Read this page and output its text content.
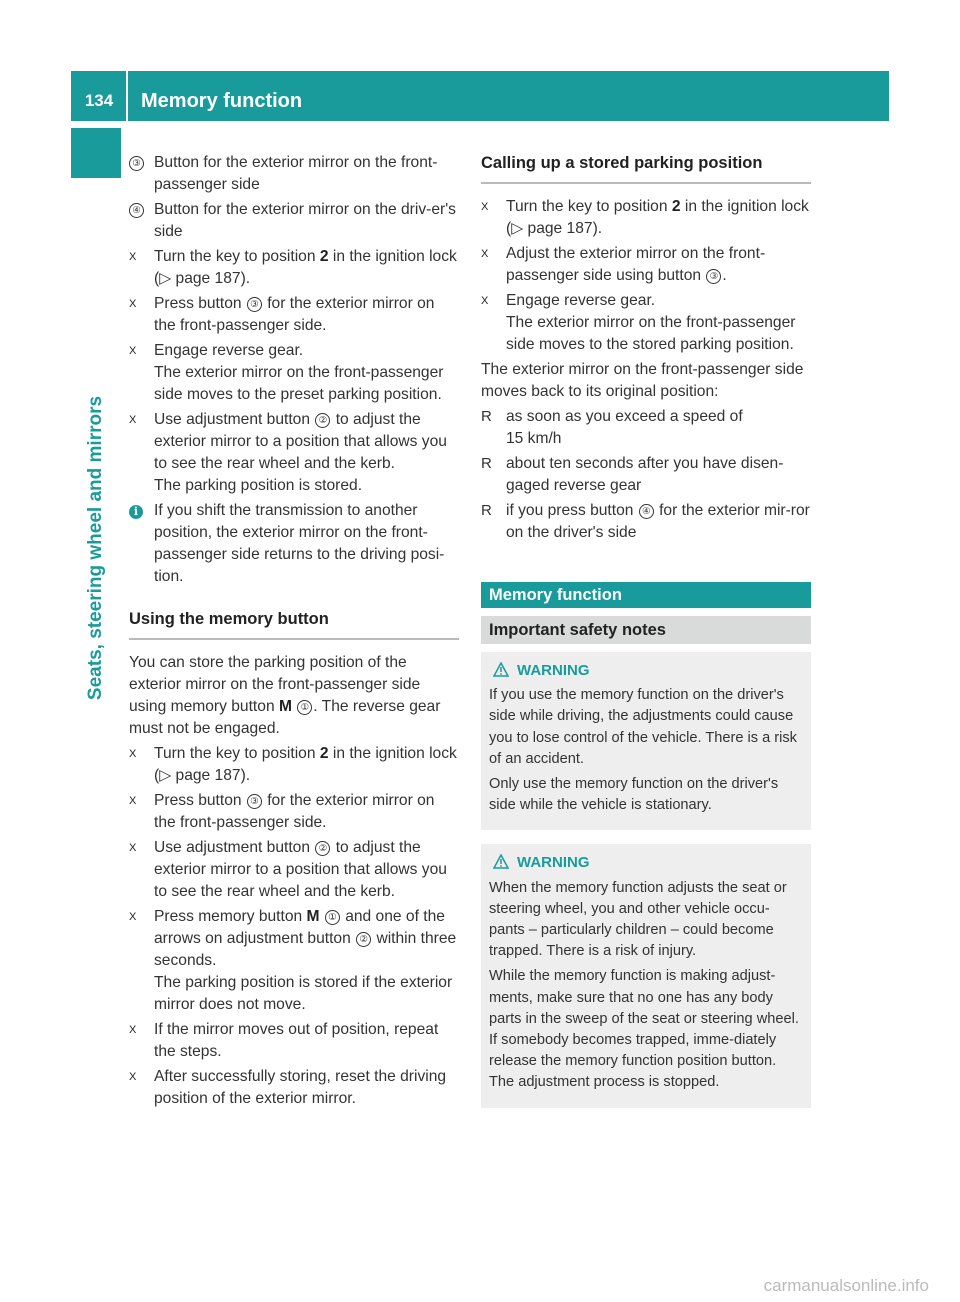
134	Memory function
Seats, steering wheel and mirrors
③ Button for the exterior mirror on the front-passenger side
④ Button for the exterior mirror on the driv-er's side
X	Turn the key to position 2 in the ignition lock (▷ page 187).
X	Press button ③ for the exterior mirror on the front-passenger side.
X	Engage reverse gear.
The exterior mirror on the front-passenger side moves to the preset parking position.
X	Use adjustment button ② to adjust the exterior mirror to a position that allows you to see the rear wheel and the kerb.
The parking position is stored.
i	If you shift the transmission to another position, the exterior mirror on the front-passenger side returns to the driving posi-tion.
Using the memory button
You can store the parking position of the exterior mirror on the front-passenger side using memory button M ① . The reverse gear must not be engaged.
X	Turn the key to position 2 in the ignition lock (▷ page 187).
X	Press button ③ for the exterior mirror on the front-passenger side.
X	Use adjustment button ② to adjust the exterior mirror to a position that allows you to see the rear wheel and the kerb.
X	Press memory button M ① and one of the arrows on adjustment button ② within three seconds.
The parking position is stored if the exterior mirror does not move.
X	If the mirror moves out of position, repeat the steps.
X	After successfully storing, reset the driving position of the exterior mirror.
Calling up a stored parking position
X	Turn the key to position 2 in the ignition lock (▷ page 187).
X	Adjust the exterior mirror on the front-passenger side using button ③ .
X	Engage reverse gear.
The exterior mirror on the front-passenger side moves to the stored parking position.
The exterior mirror on the front-passenger side moves back to its original position:
R as soon as you exceed a speed of
15 km/h
R about ten seconds after you have disen-gaged reverse gear
R if you press button ④ for the exterior mir-ror on the driver's side
Memory function
Important safety notes
WARNING
If you use the memory function on the driver's side while driving, the adjustments could cause you to lose control of the vehicle. There is a risk of an accident.
Only use the memory function on the driver's side while the vehicle is stationary.
WARNING
When the memory function adjusts the seat or steering wheel, you and other vehicle occu-pants – particularly children – could become trapped. There is a risk of injury.
While the memory function is making adjust-ments, make sure that no one has any body parts in the sweep of the seat or steering wheel. If somebody becomes trapped, imme-diately release the memory function position button. The adjustment process is stopped.
carmanualsonline.info
